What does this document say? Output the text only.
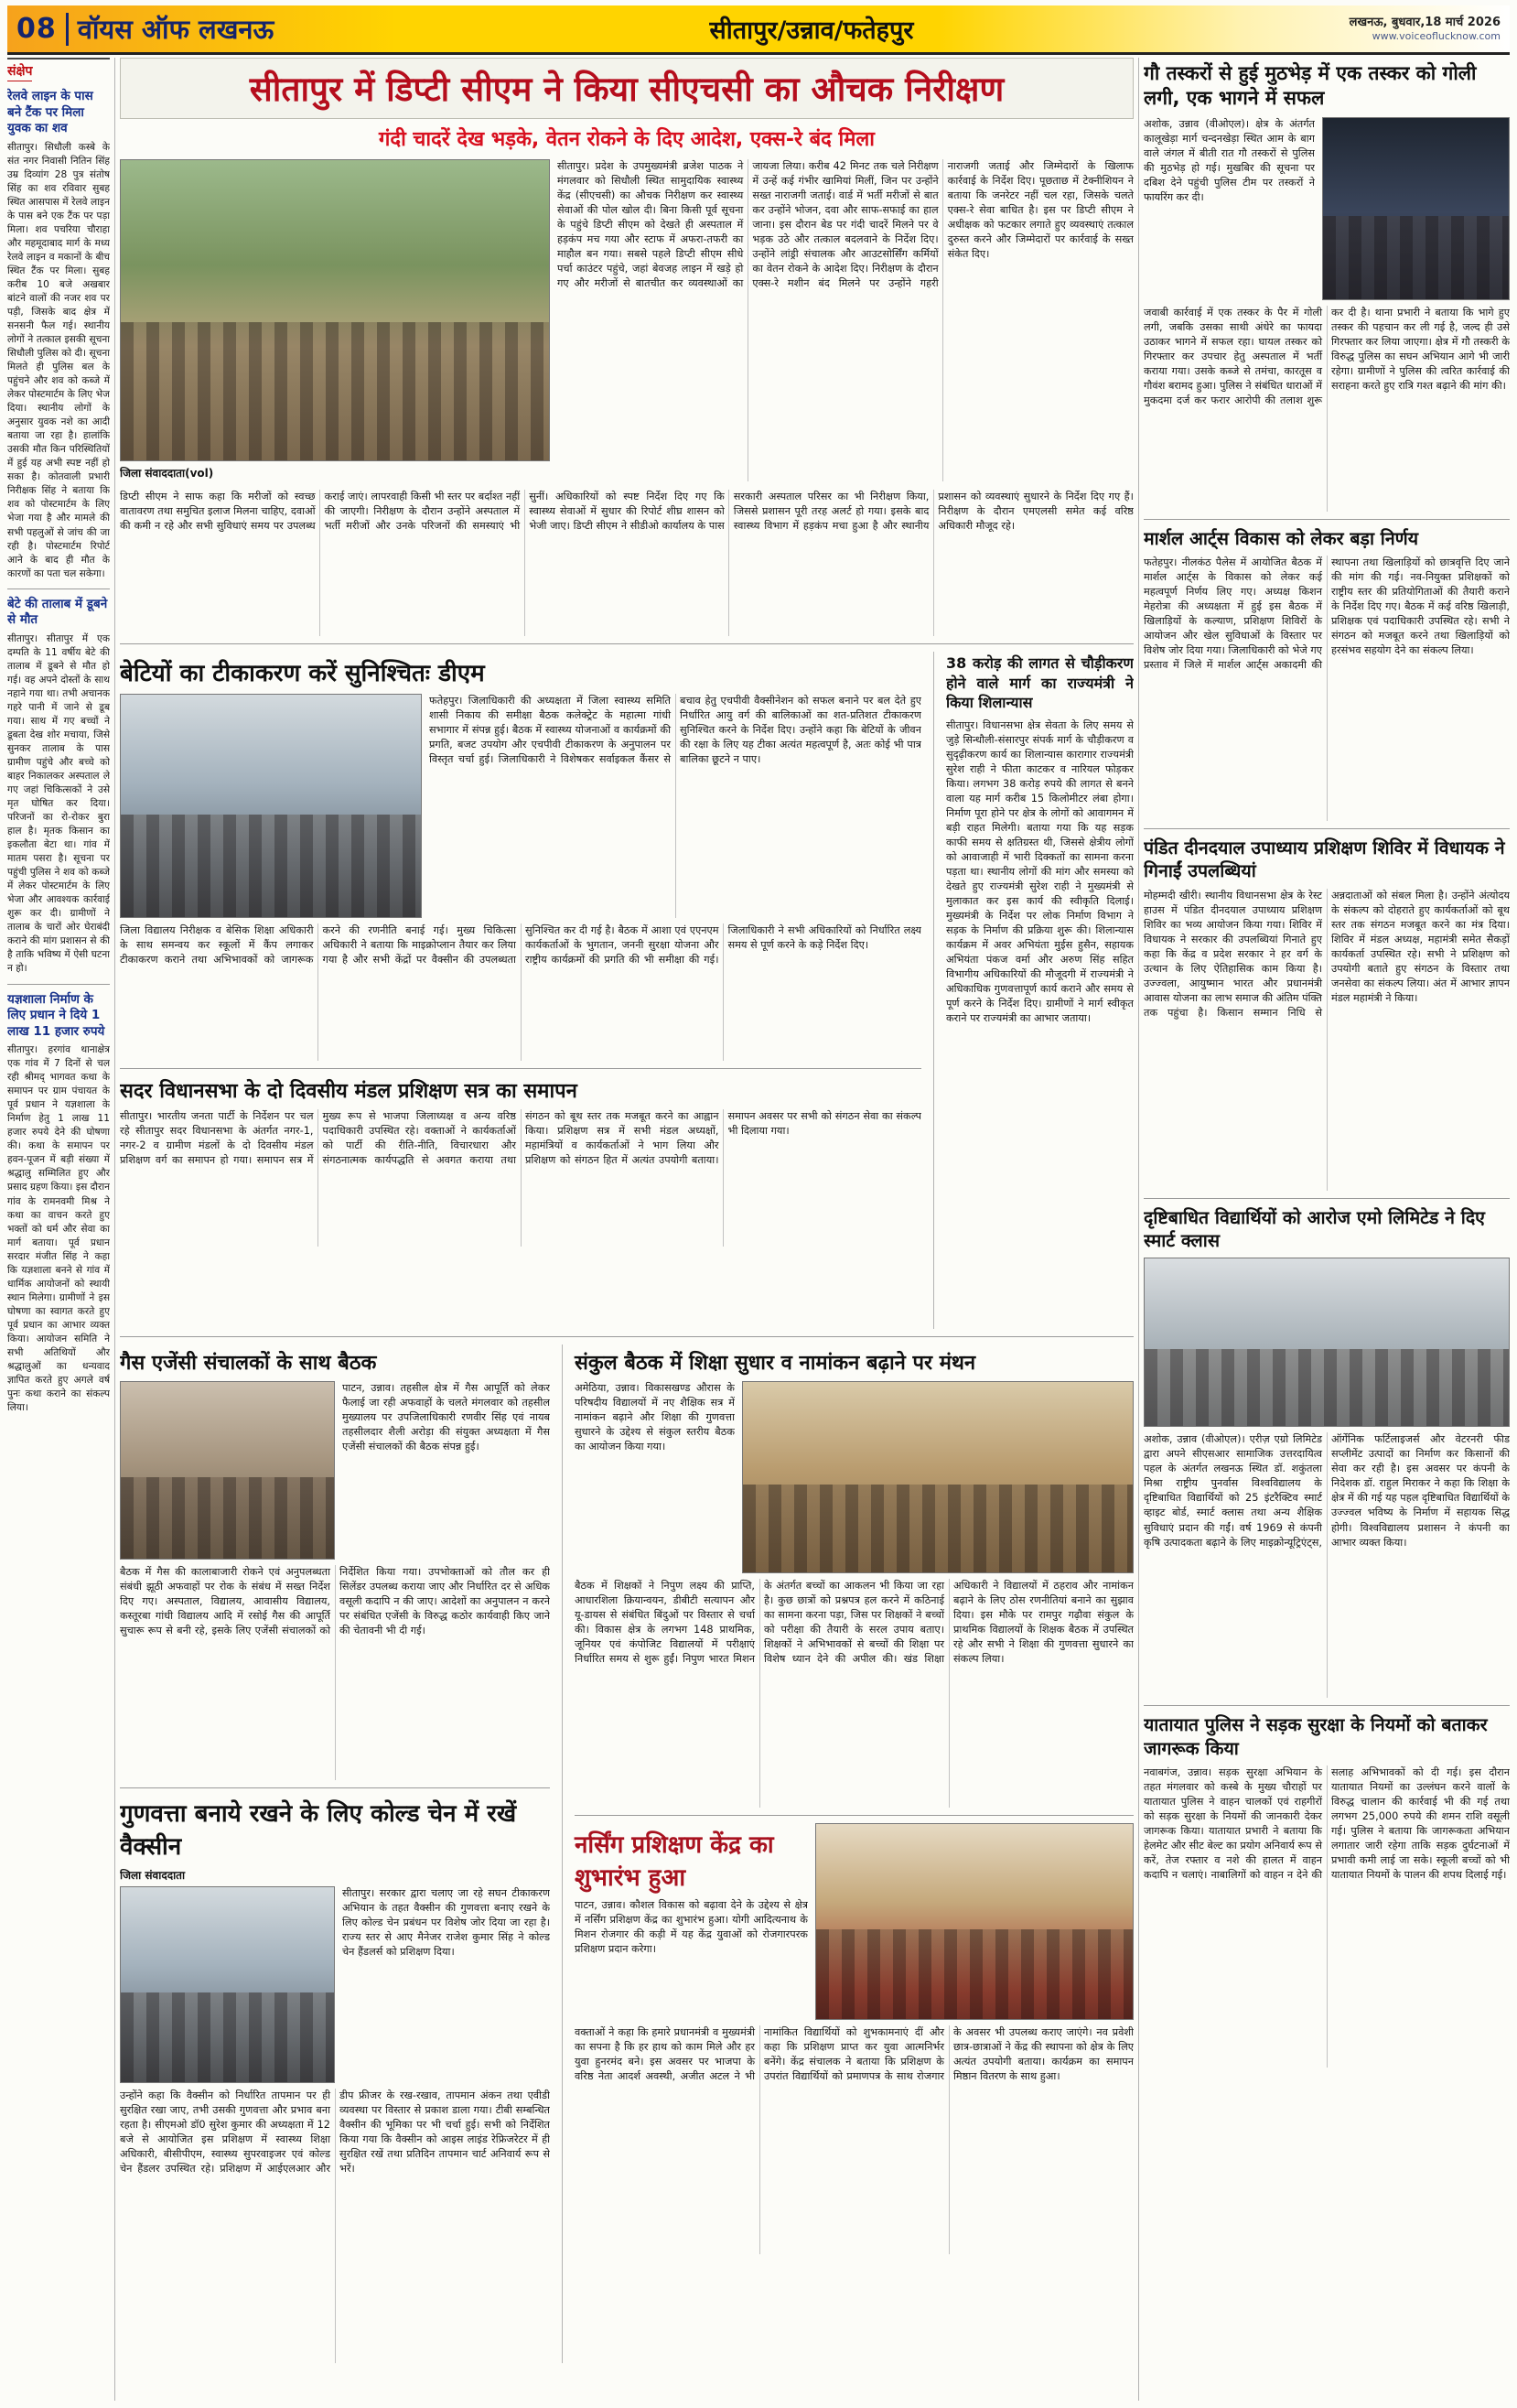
08 वॉयस ऑफ लखनऊ	सीतापुर/उन्नाव/फतेहपुर	लखनऊ, बुधवार,18 मार्च 2026
www.voiceoflucknow.com
संक्षेप
रेलवे लाइन के पास बने टैंक पर मिला युवक का शव

सीतापुर। सिधौली कस्बे के संत नगर निवासी नितिन सिंह उम्र दिव्यांग 28 पुत्र संतोष सिंह का शव रविवार सुबह स्थित आसपास में रेलवे लाइन के पास बने एक टैंक पर पड़ा मिला। शव पचरिया चौराहा और महमूदाबाद मार्ग के मध्य रेलवे लाइन व मकानों के बीच स्थित टैंक पर मिला। सुबह करीब 10 बजे अखबार बांटने वालों की नजर शव पर पड़ी, जिसके बाद क्षेत्र में सनसनी फैल गई। स्थानीय लोगों ने तत्काल इसकी सूचना सिधौली पुलिस को दी। सूचना मिलते ही पुलिस बल के पहुंचने और शव को कब्जे में लेकर पोस्टमार्टम के लिए भेज दिया। स्थानीय लोगों के अनुसार युवक नशे का आदी बताया जा रहा है। हालांकि उसकी मौत किन परिस्थितियों में हुई यह अभी स्पष्ट नहीं हो सका है। कोतवाली प्रभारी निरीक्षक सिंह ने बताया कि शव को पोस्टमार्टम के लिए भेजा गया है और मामले की सभी पहलुओं से जांच की जा रही है। पोस्टमार्टम रिपोर्ट आने के बाद ही मौत के कारणों का पता चल सकेगा।

बेटे की तालाब में डूबने से मौत

सीतापुर। सीतापुर में एक दम्पति के 11 वर्षीय बेटे की तालाब में डूबने से मौत हो गई। वह अपने दोस्तों के साथ नहाने गया था। तभी अचानक गहरे पानी में जाने से डूब गया। साथ में गए बच्चों ने डूबता देख शोर मचाया, जिसे सुनकर तालाब के पास ग्रामीण पहुंचे और बच्चे को बाहर निकालकर अस्पताल ले गए जहां चिकित्सकों ने उसे मृत घोषित कर दिया। परिजनों का रो-रोकर बुरा हाल है। मृतक किसान का इकलौता बेटा था। गांव में मातम पसरा है। सूचना पर पहुंची पुलिस ने शव को कब्जे में लेकर पोस्टमार्टम के लिए भेजा और आवश्यक कार्रवाई शुरू कर दी। ग्रामीणों ने तालाब के चारों ओर घेराबंदी कराने की मांग प्रशासन से की है ताकि भविष्य में ऐसी घटना न हो।

यज्ञशाला निर्माण के लिए प्रधान ने दिये 1 लाख 11 हजार रुपये

सीतापुर। हरगांव थानाक्षेत्र एक गांव में 7 दिनों से चल रही श्रीमद् भागवत कथा के समापन पर ग्राम पंचायत के पूर्व प्रधान ने यज्ञशाला के निर्माण हेतु 1 लाख 11 हजार रुपये देने की घोषणा की। कथा के समापन पर हवन-पूजन में बड़ी संख्या में श्रद्धालु सम्मिलित हुए और प्रसाद ग्रहण किया। इस दौरान गांव के रामनवमी मिश्र ने कथा का वाचन करते हुए भक्तों को धर्म और सेवा का मार्ग बताया। पूर्व प्रधान सरदार मंजीत सिंह ने कहा कि यज्ञशाला बनने से गांव में धार्मिक आयोजनों को स्थायी स्थान मिलेगा। ग्रामीणों ने इस घोषणा का स्वागत करते हुए पूर्व प्रधान का आभार व्यक्त किया। आयोजन समिति ने सभी अतिथियों और श्रद्धालुओं का धन्यवाद ज्ञापित करते हुए अगले वर्ष पुनः कथा कराने का संकल्प लिया।

सीतापुर में डिप्टी सीएम ने किया सीएचसी का औचक निरीक्षण
गंदी चादरें देख भड़के, वेतन रोकने के दिए आदेश, एक्स-रे बंद मिला
जिला संवाददाता(vol)
सीतापुर। प्रदेश के उपमुख्यमंत्री ब्रजेश पाठक ने मंगलवार को सिधौली स्थित सामुदायिक स्वास्थ्य केंद्र (सीएचसी) का औचक निरीक्षण कर स्वास्थ्य सेवाओं की पोल खोल दी। बिना किसी पूर्व सूचना के पहुंचे डिप्टी सीएम को देखते ही अस्पताल में हड़कंप मच गया और स्टाफ में अफरा-तफरी का माहौल बन गया। सबसे पहले डिप्टी सीएम सीधे पर्चा काउंटर पहुंचे, जहां बेवजह लाइन में खड़े हो गए और मरीजों से बातचीत कर व्यवस्थाओं का जायजा लिया। करीब 42 मिनट तक चले निरीक्षण में उन्हें कई गंभीर खामियां मिलीं, जिन पर उन्होंने सख्त नाराजगी जताई। वार्ड में भर्ती मरीजों से बात कर उन्होंने भोजन, दवा और साफ-सफाई का हाल जाना। इस दौरान बेड पर गंदी चादरें मिलने पर वे भड़क उठे और तत्काल बदलवाने के निर्देश दिए। उन्होंने लांड्री संचालक और आउटसोर्सिंग कर्मियों का वेतन रोकने के आदेश दिए। निरीक्षण के दौरान एक्स-रे मशीन बंद मिलने पर उन्होंने गहरी नाराजगी जताई और जिम्मेदारों के खिलाफ कार्रवाई के निर्देश दिए। पूछताछ में टेक्नीशियन ने बताया कि जनरेटर नहीं चल रहा, जिसके चलते एक्स-रे सेवा बाधित है। इस पर डिप्टी सीएम ने अधीक्षक को फटकार लगाते हुए व्यवस्थाएं तत्काल दुरुस्त करने और जिम्मेदारों पर कार्रवाई के सख्त संकेत दिए।
डिप्टी सीएम ने साफ कहा कि मरीजों को स्वच्छ वातावरण तथा समुचित इलाज मिलना चाहिए, दवाओं की कमी न रहे और सभी सुविधाएं समय पर उपलब्ध कराई जाएं। लापरवाही किसी भी स्तर पर बर्दाश्त नहीं की जाएगी। निरीक्षण के दौरान उन्होंने अस्पताल में भर्ती मरीजों और उनके परिजनों की समस्याएं भी सुनीं। अधिकारियों को स्पष्ट निर्देश दिए गए कि स्वास्थ्य सेवाओं में सुधार की रिपोर्ट शीघ्र शासन को भेजी जाए। डिप्टी सीएम ने सीडीओ कार्यालय के पास सरकारी अस्पताल परिसर का भी निरीक्षण किया, जिससे प्रशासन पूरी तरह अलर्ट हो गया। इसके बाद स्वास्थ्य विभाग में हड़कंप मचा हुआ है और स्थानीय प्रशासन को व्यवस्थाएं सुधारने के निर्देश दिए गए हैं। निरीक्षण के दौरान एमएलसी समेत कई वरिष्ठ अधिकारी मौजूद रहे।
बेटियों का टीकाकरण करें सुनिश्चितः डीएम
फतेहपुर। जिलाधिकारी की अध्यक्षता में जिला स्वास्थ्य समिति शासी निकाय की समीक्षा बैठक कलेक्ट्रेट के महात्मा गांधी सभागार में संपन्न हुई। बैठक में स्वास्थ्य योजनाओं व कार्यक्रमों की प्रगति, बजट उपयोग और एचपीवी टीकाकरण के अनुपालन पर विस्तृत चर्चा हुई। जिलाधिकारी ने विशेषकर सर्वाइकल कैंसर से बचाव हेतु एचपीवी वैक्सीनेशन को सफल बनाने पर बल देते हुए निर्धारित आयु वर्ग की बालिकाओं का शत-प्रतिशत टीकाकरण सुनिश्चित करने के निर्देश दिए। उन्होंने कहा कि बेटियों के जीवन की रक्षा के लिए यह टीका अत्यंत महत्वपूर्ण है, अतः कोई भी पात्र बालिका छूटने न पाए।
जिला विद्यालय निरीक्षक व बेसिक शिक्षा अधिकारी के साथ समन्वय कर स्कूलों में कैंप लगाकर टीकाकरण कराने तथा अभिभावकों को जागरूक करने की रणनीति बनाई गई। मुख्य चिकित्सा अधिकारी ने बताया कि माइक्रोप्लान तैयार कर लिया गया है और सभी केंद्रों पर वैक्सीन की उपलब्धता सुनिश्चित कर दी गई है। बैठक में आशा एवं एएनएम कार्यकर्ताओं के भुगतान, जननी सुरक्षा योजना और राष्ट्रीय कार्यक्रमों की प्रगति की भी समीक्षा की गई। जिलाधिकारी ने सभी अधिकारियों को निर्धारित लक्ष्य समय से पूर्ण करने के कड़े निर्देश दिए।
सदर विधानसभा के दो दिवसीय मंडल प्रशिक्षण सत्र का समापन
सीतापुर। भारतीय जनता पार्टी के निर्देशन पर चल रहे सीतापुर सदर विधानसभा के अंतर्गत नगर-1, नगर-2 व ग्रामीण मंडलों के दो दिवसीय मंडल प्रशिक्षण वर्ग का समापन हो गया। समापन सत्र में मुख्य रूप से भाजपा जिलाध्यक्ष व अन्य वरिष्ठ पदाधिकारी उपस्थित रहे। वक्ताओं ने कार्यकर्ताओं को पार्टी की रीति-नीति, विचारधारा और संगठनात्मक कार्यपद्धति से अवगत कराया तथा संगठन को बूथ स्तर तक मजबूत करने का आह्वान किया। प्रशिक्षण सत्र में सभी मंडल अध्यक्षों, महामंत्रियों व कार्यकर्ताओं ने भाग लिया और प्रशिक्षण को संगठन हित में अत्यंत उपयोगी बताया। समापन अवसर पर सभी को संगठन सेवा का संकल्प भी दिलाया गया।
38 करोड़ की लागत से चौड़ीकरण होने वाले मार्ग का राज्यमंत्री ने किया शिलान्यास
सीतापुर। विधानसभा क्षेत्र सेवता के लिए समय से जुड़े सिन्धौली-संसारपुर संपर्क मार्ग के चौड़ीकरण व सुदृढ़ीकरण कार्य का शिलान्यास कारागार राज्यमंत्री सुरेश राही ने फीता काटकर व नारियल फोड़कर किया। लगभग 38 करोड़ रुपये की लागत से बनने वाला यह मार्ग करीब 15 किलोमीटर लंबा होगा। निर्माण पूरा होने पर क्षेत्र के लोगों को आवागमन में बड़ी राहत मिलेगी। बताया गया कि यह सड़क काफी समय से क्षतिग्रस्त थी, जिससे क्षेत्रीय लोगों को आवाजाही में भारी दिक्कतों का सामना करना पड़ता था। स्थानीय लोगों की मांग और समस्या को देखते हुए राज्यमंत्री सुरेश राही ने मुख्यमंत्री से मुलाकात कर इस कार्य की स्वीकृति दिलाई। मुख्यमंत्री के निर्देश पर लोक निर्माण विभाग ने सड़क के निर्माण की प्रक्रिया शुरू की। शिलान्यास कार्यक्रम में अवर अभियंता मुईस हुसैन, सहायक अभियंता पंकज वर्मा और अरुण सिंह सहित विभागीय अधिकारियों की मौजूदगी में राज्यमंत्री ने अधिकाधिक गुणवत्तापूर्ण कार्य कराने और समय से पूर्ण करने के निर्देश दिए। ग्रामीणों ने मार्ग स्वीकृत कराने पर राज्यमंत्री का आभार जताया।
गैस एजेंसी संचालकों के साथ बैठक
पाटन, उन्नाव। तहसील क्षेत्र में गैस आपूर्ति को लेकर फैलाई जा रही अफवाहों के चलते मंगलवार को तहसील मुख्यालय पर उपजिलाधिकारी रणवीर सिंह एवं नायब तहसीलदार शैली अरोड़ा की संयुक्त अध्यक्षता में गैस एजेंसी संचालकों की बैठक संपन्न हुई।
बैठक में गैस की कालाबाजारी रोकने एवं अनुपलब्धता संबंधी झूठी अफवाहों पर रोक के संबंध में सख्त निर्देश दिए गए। अस्पताल, विद्यालय, आवासीय विद्यालय, कस्तूरबा गांधी विद्यालय आदि में रसोई गैस की आपूर्ति सुचारू रूप से बनी रहे, इसके लिए एजेंसी संचालकों को निर्देशित किया गया। उपभोक्ताओं को तौल कर ही सिलेंडर उपलब्ध कराया जाए और निर्धारित दर से अधिक वसूली कदापि न की जाए। आदेशों का अनुपालन न करने पर संबंधित एजेंसी के विरुद्ध कठोर कार्यवाही किए जाने की चेतावनी भी दी गई।
गुणवत्ता बनाये रखने के लिए कोल्ड चेन में रखें वैक्सीन
जिला संवाददाता
सीतापुर। सरकार द्वारा चलाए जा रहे सघन टीकाकरण अभियान के तहत वैक्सीन की गुणवत्ता बनाए रखने के लिए कोल्ड चेन प्रबंधन पर विशेष जोर दिया जा रहा है। राज्य स्तर से आए मैनेजर राजेश कुमार सिंह ने कोल्ड चेन हैंडलर्स को प्रशिक्षण दिया।
उन्होंने कहा कि वैक्सीन को निर्धारित तापमान पर ही सुरक्षित रखा जाए, तभी उसकी गुणवत्ता और प्रभाव बना रहता है। सीएमओ डॉ0 सुरेश कुमार की अध्यक्षता में 12 बजे से आयोजित इस प्रशिक्षण में स्वास्थ्य शिक्षा अधिकारी, बीसीपीएम, स्वास्थ्य सुपरवाइजर एवं कोल्ड चेन हैंडलर उपस्थित रहे। प्रशिक्षण में आईएलआर और डीप फ्रीजर के रख-रखाव, तापमान अंकन तथा एवीडी व्यवस्था पर विस्तार से प्रकाश डाला गया। टीबी सम्बन्धित वैक्सीन की भूमिका पर भी चर्चा हुई। सभी को निर्देशित किया गया कि वैक्सीन को आइस लाइंड रेफ्रिजरेटर में ही सुरक्षित रखें तथा प्रतिदिन तापमान चार्ट अनिवार्य रूप से भरें।
संकुल बैठक में शिक्षा सुधार व नामांकन बढ़ाने पर मंथन
अमेठिया, उन्नाव। विकासखण्ड औरास के परिषदीय विद्यालयों में नए शैक्षिक सत्र में नामांकन बढ़ाने और शिक्षा की गुणवत्ता सुधारने के उद्देश्य से संकुल स्तरीय बैठक का आयोजन किया गया।
बैठक में शिक्षकों ने निपुण लक्ष्य की प्राप्ति, आधारशिला क्रियान्वयन, डीबीटी सत्यापन और यू-डायस से संबंधित बिंदुओं पर विस्तार से चर्चा की। विकास क्षेत्र के लगभग 148 प्राथमिक, जूनियर एवं कंपोजिट विद्यालयों में परीक्षाएं निर्धारित समय से शुरू हुईं। निपुण भारत मिशन के अंतर्गत बच्चों का आकलन भी किया जा रहा है। कुछ छात्रों को प्रश्नपत्र हल करने में कठिनाई का सामना करना पड़ा, जिस पर शिक्षकों ने बच्चों को परीक्षा की तैयारी के सरल उपाय बताए। शिक्षकों ने अभिभावकों से बच्चों की शिक्षा पर विशेष ध्यान देने की अपील की। खंड शिक्षा अधिकारी ने विद्यालयों में ठहराव और नामांकन बढ़ाने के लिए ठोस रणनीतियां बनाने का सुझाव दिया। इस मौके पर रामपुर गढ़ौवा संकुल के प्राथमिक विद्यालयों के शिक्षक बैठक में उपस्थित रहे और सभी ने शिक्षा की गुणवत्ता सुधारने का संकल्प लिया।
नर्सिंग प्रशिक्षण केंद्र का शुभारंभ हुआ
पाटन, उन्नाव। कौशल विकास को बढ़ावा देने के उद्देश्य से क्षेत्र में नर्सिंग प्रशिक्षण केंद्र का शुभारंभ हुआ। योगी आदित्यनाथ के मिशन रोजगार की कड़ी में यह केंद्र युवाओं को रोजगारपरक प्रशिक्षण प्रदान करेगा।
वक्ताओं ने कहा कि हमारे प्रधानमंत्री व मुख्यमंत्री का सपना है कि हर हाथ को काम मिले और हर युवा हुनरमंद बने। इस अवसर पर भाजपा के वरिष्ठ नेता आदर्श अवस्थी, अजीत अटल ने भी नामांकित विद्यार्थियों को शुभकामनाएं दीं और कहा कि प्रशिक्षण प्राप्त कर युवा आत्मनिर्भर बनेंगे। केंद्र संचालक ने बताया कि प्रशिक्षण के उपरांत विद्यार्थियों को प्रमाणपत्र के साथ रोजगार के अवसर भी उपलब्ध कराए जाएंगे। नव प्रवेशी छात्र-छात्राओं ने केंद्र की स्थापना को क्षेत्र के लिए अत्यंत उपयोगी बताया। कार्यक्रम का समापन मिष्ठान वितरण के साथ हुआ।
गौ तस्करों से हुई मुठभेड़ में एक तस्कर को गोली लगी, एक भागने में सफल
अशोक, उन्नाव (वीओएल)। क्षेत्र के अंतर्गत कालूखेड़ा मार्ग चन्दनखेड़ा स्थित आम के बाग वाले जंगल में बीती रात गौ तस्करों से पुलिस की मुठभेड़ हो गई। मुखबिर की सूचना पर दबिश देने पहुंची पुलिस टीम पर तस्करों ने फायरिंग कर दी।
जवाबी कार्रवाई में एक तस्कर के पैर में गोली लगी, जबकि उसका साथी अंधेरे का फायदा उठाकर भागने में सफल रहा। घायल तस्कर को गिरफ्तार कर उपचार हेतु अस्पताल में भर्ती कराया गया। उसके कब्जे से तमंचा, कारतूस व गौवंश बरामद हुआ। पुलिस ने संबंधित धाराओं में मुकदमा दर्ज कर फरार आरोपी की तलाश शुरू कर दी है। थाना प्रभारी ने बताया कि भागे हुए तस्कर की पहचान कर ली गई है, जल्द ही उसे गिरफ्तार कर लिया जाएगा। क्षेत्र में गौ तस्करी के विरुद्ध पुलिस का सघन अभियान आगे भी जारी रहेगा। ग्रामीणों ने पुलिस की त्वरित कार्रवाई की सराहना करते हुए रात्रि गश्त बढ़ाने की मांग की।
मार्शल आर्ट्स विकास को लेकर बड़ा निर्णय
फतेहपुर। नीलकंठ पैलेस में आयोजित बैठक में मार्शल आर्ट्स के विकास को लेकर कई महत्वपूर्ण निर्णय लिए गए। अध्यक्ष किशन मेहरोत्रा की अध्यक्षता में हुई इस बैठक में खिलाड़ियों के कल्याण, प्रशिक्षण शिविरों के आयोजन और खेल सुविधाओं के विस्तार पर विशेष जोर दिया गया। जिलाधिकारी को भेजे गए प्रस्ताव में जिले में मार्शल आर्ट्स अकादमी की स्थापना तथा खिलाड़ियों को छात्रवृत्ति दिए जाने की मांग की गई। नव-नियुक्त प्रशिक्षकों को राष्ट्रीय स्तर की प्रतियोगिताओं की तैयारी कराने के निर्देश दिए गए। बैठक में कई वरिष्ठ खिलाड़ी, प्रशिक्षक एवं पदाधिकारी उपस्थित रहे। सभी ने संगठन को मजबूत करने तथा खिलाड़ियों को हरसंभव सहयोग देने का संकल्प लिया।
पंडित दीनदयाल उपाध्याय प्रशिक्षण शिविर में विधायक ने गिनाईं उपलब्धियां
मोहम्मदी खीरी। स्थानीय विधानसभा क्षेत्र के रेस्ट हाउस में पंडित दीनदयाल उपाध्याय प्रशिक्षण शिविर का भव्य आयोजन किया गया। शिविर में विधायक ने सरकार की उपलब्धियां गिनाते हुए कहा कि केंद्र व प्रदेश सरकार ने हर वर्ग के उत्थान के लिए ऐतिहासिक काम किया है। उज्ज्वला, आयुष्मान भारत और प्रधानमंत्री आवास योजना का लाभ समाज की अंतिम पंक्ति तक पहुंचा है। किसान सम्मान निधि से अन्नदाताओं को संबल मिला है। उन्होंने अंत्योदय के संकल्प को दोहराते हुए कार्यकर्ताओं को बूथ स्तर तक संगठन मजबूत करने का मंत्र दिया। शिविर में मंडल अध्यक्ष, महामंत्री समेत सैकड़ों कार्यकर्ता उपस्थित रहे। सभी ने प्रशिक्षण को उपयोगी बताते हुए संगठन के विस्तार तथा जनसेवा का संकल्प लिया। अंत में आभार ज्ञापन मंडल महामंत्री ने किया।
दृष्टिबाधित विद्यार्थियों को आरोज एमो लिमिटेड ने दिए स्मार्ट क्लास
अशोक, उन्नाव (वीओएल)। एरीज़ एग्रो लिमिटेड द्वारा अपने सीएसआर सामाजिक उत्तरदायित्व पहल के अंतर्गत लखनऊ स्थित डॉ. शकुंतला मिश्रा राष्ट्रीय पुनर्वास विश्वविद्यालय के दृष्टिबाधित विद्यार्थियों को 25 इंटरैक्टिव स्मार्ट व्हाइट बोर्ड, स्मार्ट क्लास तथा अन्य शैक्षिक सुविधाएं प्रदान की गईं। वर्ष 1969 से कंपनी कृषि उत्पादकता बढ़ाने के लिए माइक्रोन्यूट्रिएंट्स, ऑर्गेनिक फर्टिलाइजर्स और वेटरनरी फीड सप्लीमेंट उत्पादों का निर्माण कर किसानों की सेवा कर रही है। इस अवसर पर कंपनी के निदेशक डॉ. राहुल मिराकर ने कहा कि शिक्षा के क्षेत्र में की गई यह पहल दृष्टिबाधित विद्यार्थियों के उज्ज्वल भविष्य के निर्माण में सहायक सिद्ध होगी। विश्वविद्यालय प्रशासन ने कंपनी का आभार व्यक्त किया।
यातायात पुलिस ने सड़क सुरक्षा के नियमों को बताकर जागरूक किया
नवाबगंज, उन्नाव। सड़क सुरक्षा अभियान के तहत मंगलवार को कस्बे के मुख्य चौराहों पर यातायात पुलिस ने वाहन चालकों एवं राहगीरों को सड़क सुरक्षा के नियमों की जानकारी देकर जागरूक किया। यातायात प्रभारी ने बताया कि हेलमेट और सीट बेल्ट का प्रयोग अनिवार्य रूप से करें, तेज रफ्तार व नशे की हालत में वाहन कदापि न चलाएं। नाबालिगों को वाहन न देने की सलाह अभिभावकों को दी गई। इस दौरान यातायात नियमों का उल्लंघन करने वालों के विरुद्ध चालान की कार्रवाई भी की गई तथा लगभग 25,000 रुपये की शमन राशि वसूली गई। पुलिस ने बताया कि जागरूकता अभियान लगातार जारी रहेगा ताकि सड़क दुर्घटनाओं में प्रभावी कमी लाई जा सके। स्कूली बच्चों को भी यातायात नियमों के पालन की शपथ दिलाई गई।
